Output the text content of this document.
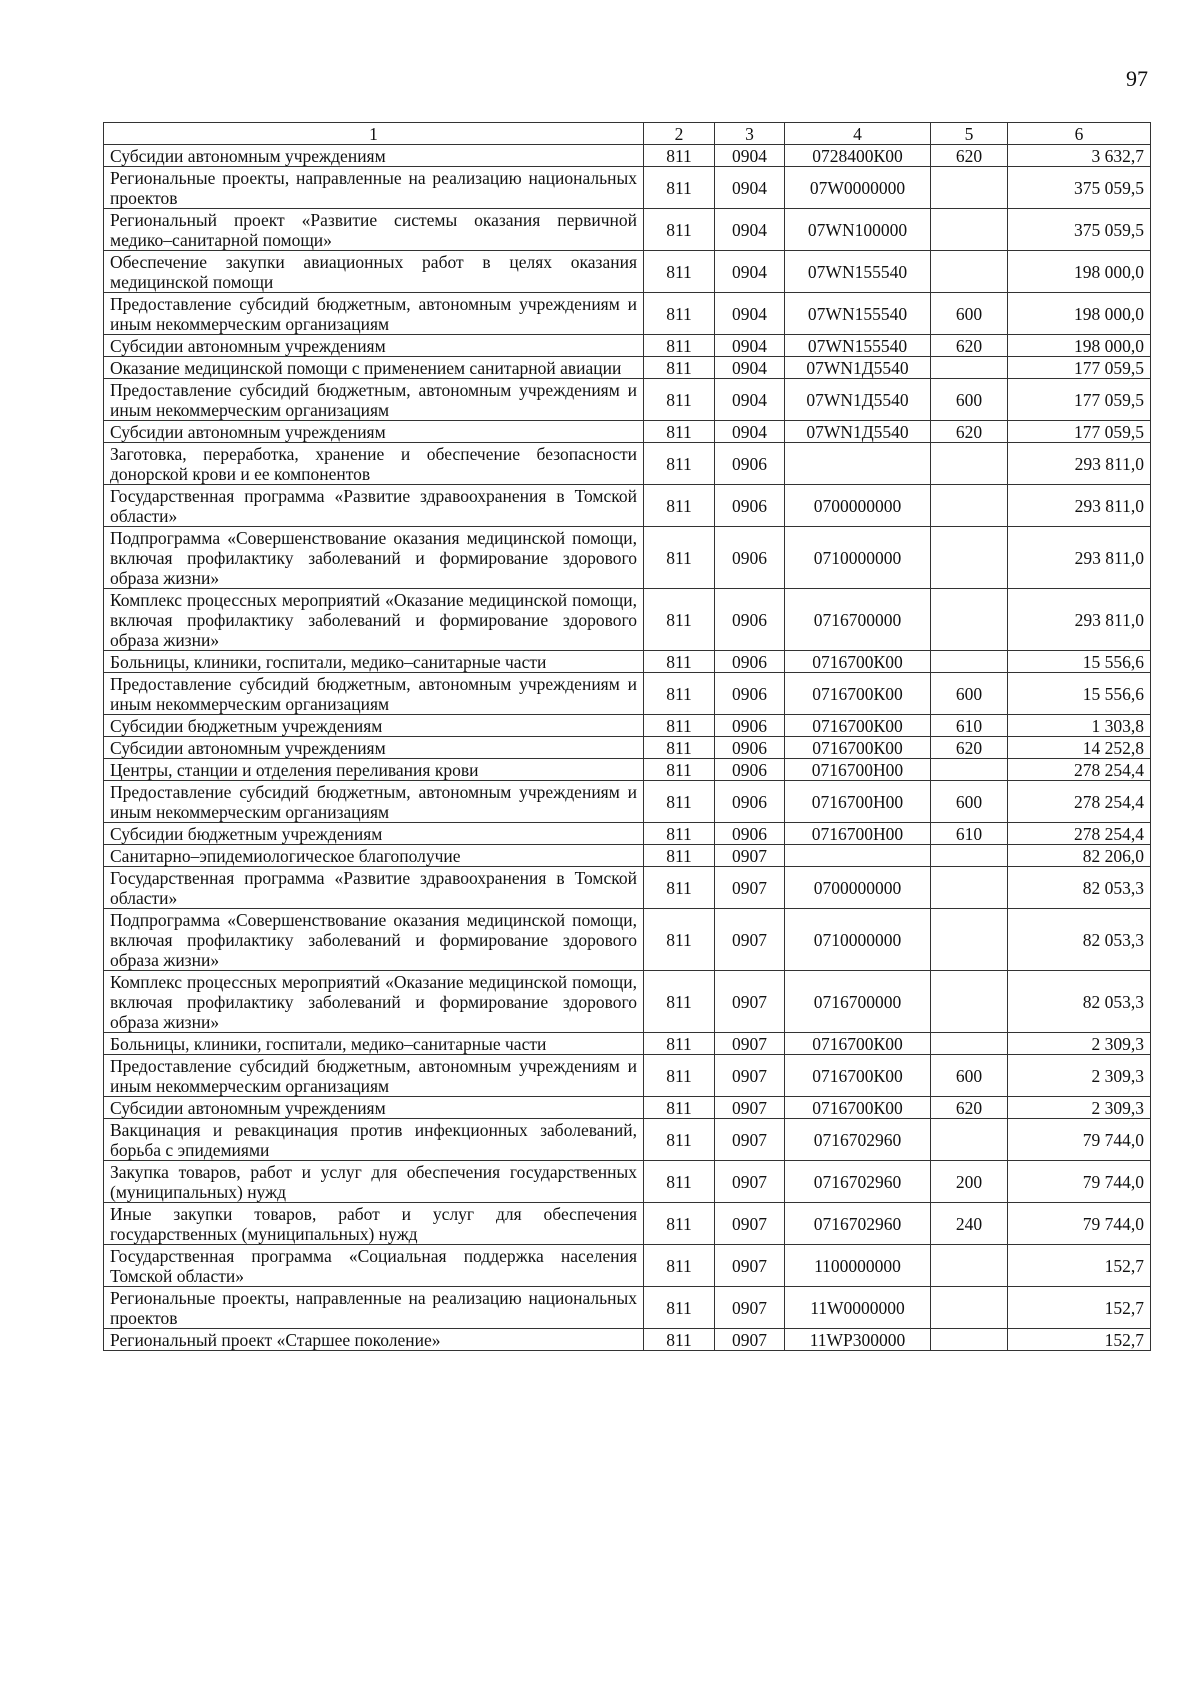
97
1	2	3	4	5	6
Субсидии автономным учреждениям	811	0904	0728400К00	620	3 632,7
Региональные проекты, направленные на реализацию национальных проектов	811	0904	07W0000000		375 059,5
Региональный проект «Развитие системы оказания первичной медико–санитарной помощи»	811	0904	07WN100000		375 059,5
Обеспечение закупки авиационных работ в целях оказания медицинской помощи	811	0904	07WN155540		198 000,0
Предоставление субсидий бюджетным, автономным учреждениям и иным некоммерческим организациям	811	0904	07WN155540	600	198 000,0
Субсидии автономным учреждениям	811	0904	07WN155540	620	198 000,0
Оказание медицинской помощи с применением санитарной авиации	811	0904	07WN1Д5540		177 059,5
Предоставление субсидий бюджетным, автономным учреждениям и иным некоммерческим организациям	811	0904	07WN1Д5540	600	177 059,5
Субсидии автономным учреждениям	811	0904	07WN1Д5540	620	177 059,5
Заготовка, переработка, хранение и обеспечение безопасности донорской крови и ее компонентов	811	0906			293 811,0
Государственная программа «Развитие здравоохранения в Томской области»	811	0906	0700000000		293 811,0
Подпрограмма «Совершенствование оказания медицинской помощи, включая профилактику заболеваний и формирование здорового образа жизни»	811	0906	0710000000		293 811,0
Комплекс процессных мероприятий «Оказание медицинской помощи, включая профилактику заболеваний и формирование здорового образа жизни»	811	0906	0716700000		293 811,0
Больницы, клиники, госпитали, медико–санитарные части	811	0906	0716700К00		15 556,6
Предоставление субсидий бюджетным, автономным учреждениям и иным некоммерческим организациям	811	0906	0716700К00	600	15 556,6
Субсидии бюджетным учреждениям	811	0906	0716700К00	610	1 303,8
Субсидии автономным учреждениям	811	0906	0716700К00	620	14 252,8
Центры, станции и отделения переливания крови	811	0906	0716700Н00		278 254,4
Предоставление субсидий бюджетным, автономным учреждениям и иным некоммерческим организациям	811	0906	0716700Н00	600	278 254,4
Субсидии бюджетным учреждениям	811	0906	0716700Н00	610	278 254,4
Санитарно–эпидемиологическое благополучие	811	0907			82 206,0
Государственная программа «Развитие здравоохранения в Томской области»	811	0907	0700000000		82 053,3
Подпрограмма «Совершенствование оказания медицинской помощи, включая профилактику заболеваний и формирование здорового образа жизни»	811	0907	0710000000		82 053,3
Комплекс процессных мероприятий «Оказание медицинской помощи, включая профилактику заболеваний и формирование здорового образа жизни»	811	0907	0716700000		82 053,3
Больницы, клиники, госпитали, медико–санитарные части	811	0907	0716700К00		2 309,3
Предоставление субсидий бюджетным, автономным учреждениям и иным некоммерческим организациям	811	0907	0716700К00	600	2 309,3
Субсидии автономным учреждениям	811	0907	0716700К00	620	2 309,3
Вакцинация и ревакцинация против инфекционных заболеваний, борьба с эпидемиями	811	0907	0716702960		79 744,0
Закупка товаров, работ и услуг для обеспечения государственных (муниципальных) нужд	811	0907	0716702960	200	79 744,0
Иные закупки товаров, работ и услуг для обеспечения государственных (муниципальных) нужд	811	0907	0716702960	240	79 744,0
Государственная программа «Социальная поддержка населения Томской области»	811	0907	1100000000		152,7
Региональные проекты, направленные на реализацию национальных проектов	811	0907	11W0000000		152,7
Региональный проект «Старшее поколение»	811	0907	11WP300000		152,7
